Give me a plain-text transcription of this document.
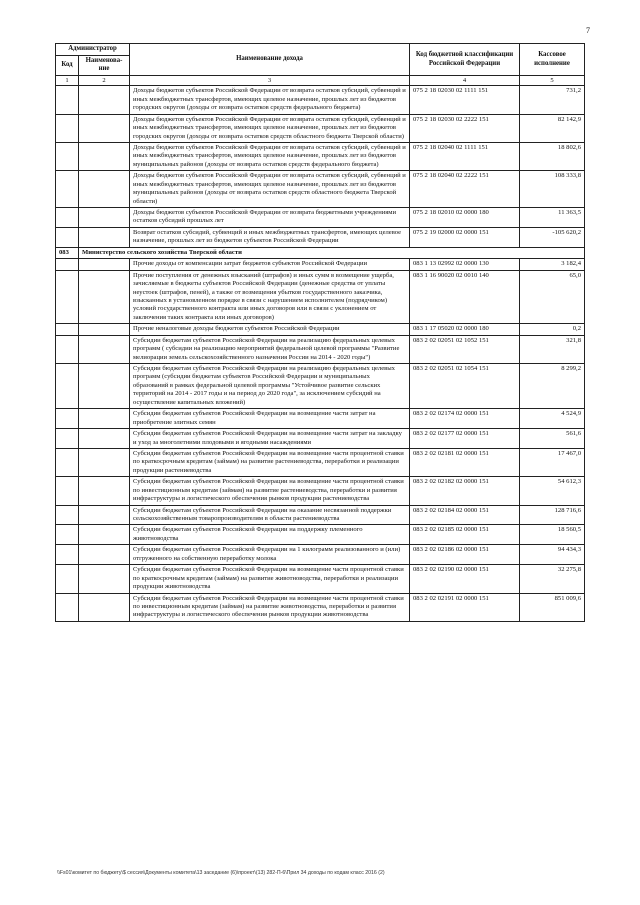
7
Администратор		Наименование дохода	Код бюджетной классификации Российской Федерации	Кассовое исполнение
Код	Наименова-ние			
1	2	3	4	5
		Доходы бюджетов субъектов Российской Федерации от возврата остатков субсидий, субвенций и иных межбюджетных трансфертов, имеющих целевое назначение, прошлых лет из бюджетов городских округов (доходы от возврата остатков средств федерального бюджета)	075 2 18 02030 02 1111 151	731,2
		Доходы бюджетов субъектов Российской Федерации от возврата остатков субсидий, субвенций и иных межбюджетных трансфертов, имеющих целевое назначение, прошлых лет из бюджетов городских округов (доходы от возврата остатков средств областного бюджета Тверской области)	075 2 18 02030 02 2222 151	82 142,9
		Доходы бюджетов субъектов Российской Федерации от возврата остатков субсидий, субвенций и иных межбюджетных трансфертов, имеющих целевое назначение, прошлых лет из бюджетов муниципальных районов (доходы от возврата остатков средств федерального бюджета)	075 2 18 02040 02 1111 151	18 802,6
		Доходы бюджетов субъектов Российской Федерации от возврата остатков субсидий, субвенций и иных межбюджетных трансфертов, имеющих целевое назначение, прошлых лет из бюджетов муниципальных районов (доходы от возврата остатков средств областного бюджета Тверской области)	075 2 18 02040 02 2222 151	108 333,8
		Доходы бюджетов субъектов Российской Федерации от возврата бюджетными учреждениями остатков субсидий прошлых лет	075 2 18 02010 02 0000 180	11 363,5
		Возврат остатков субсидий, субвенций и иных межбюджетных трансфертов, имеющих целевое назначение, прошлых лет из бюджетов субъектов Российской Федерации	075 2 19 02000 02 0000 151	-105 620,2
083	Министерство сельского хозяйства Тверской области			
		Прочие доходы от компенсации затрат бюджетов субъектов Российской Федерации	083 1 13 02992 02 0000 130	3 182,4
		Прочие поступления от денежных взысканий (штрафов) и иных сумм в возмещение ущерба, зачисляемые в бюджеты субъектов Российской Федерации (денежные средства от уплаты неустоек (штрафов, пеней), а также от возмещения убытков государственного заказчика, взысканных в установленном порядке в связи с нарушением исполнителем (подрядчиком) условий государственного контракта или иных договоров или в связи с уклонением от заключения таких контракта или иных договоров)	083 1 16 90020 02 0010 140	65,0
		Прочие неналоговые доходы бюджетов субъектов Российской Федерации	083 1 17 05020 02 0000 180	0,2
		Субсидии бюджетам субъектов Российской Федерации на реализацию федеральных целевых программ ( субсидии на реализацию мероприятий федеральной целевой программы "Развитие мелиорации земель сельскохозяйственного назначения России на 2014 - 2020 годы")	083 2 02 02051 02 1052 151	321,8
		Субсидии бюджетам субъектов Российской Федерации на реализацию федеральных целевых программ (субсидии бюджетам субъектов Российской Федерации и муниципальных образований в рамках федеральной целевой программы "Устойчивое развитие сельских территорий на 2014 - 2017 годы и на период до 2020 года", за исключением субсидий на осуществление капитальных вложений)	083 2 02 02051 02 1054 151	8 299,2
		Субсидии бюджетам субъектов Российской Федерации на возмещение части затрат на приобретение элитных семян	083 2 02 02174 02 0000 151	4 524,9
		Субсидии бюджетам субъектов Российской Федерации на возмещение части затрат на закладку и уход за многолетними плодовыми и ягодными насаждениями	083 2 02 02177 02 0000 151	561,6
		Субсидии бюджетам субъектов Российской Федерации на возмещение части процентной ставки по краткосрочным кредитам (займам) на развитие растениеводства, переработки и реализации продукции растениеводства	083 2 02 02181 02 0000 151	17 467,0
		Субсидии бюджетам субъектов Российской Федерации на возмещение части процентной ставки по инвестиционным кредитам (займам) на развитие растениеводства, переработки и развития инфраструктуры и логистического обеспечения рынков продукции растениеводства	083 2 02 02182 02 0000 151	54 612,3
		Субсидии бюджетам субъектов Российской Федерации на оказание несвязанной поддержки сельскохозяйственным товаропроизводителям в области растениеводства	083 2 02 02184 02 0000 151	128 716,6
		Субсидии бюджетам субъектов Российской Федерации на поддержку племенного животноводства	083 2 02 02185 02 0000 151	18 560,5
		Субсидии бюджетам субъектов Российской Федерации на 1 килограмм реализованного и (или) отгруженного на собственную переработку молока	083 2 02 02186 02 0000 151	94 434,3
		Субсидии бюджетам субъектов Российской Федерации на возмещение части процентной ставки по краткосрочным кредитам (займам) на развитие животноводства, переработки и реализации продукции животноводства	083 2 02 02190 02 0000 151	32 275,8
		Субсидии бюджетам субъектов Российской Федерации на возмещение части процентной ставки по инвестиционным кредитам (займам) на развитие животноводства, переработки и развития инфраструктуры и логистического обеспечения рынков продукции животноводства	083 2 02 02191 02 0000 151	851 009,6
\\Fs01\комитет по бюджету\$ сессия\Документы комитета\13 заседание (6)\проект\(13) 282-П-6\Прил 34 доходы по кодам класс 2016 (2)
